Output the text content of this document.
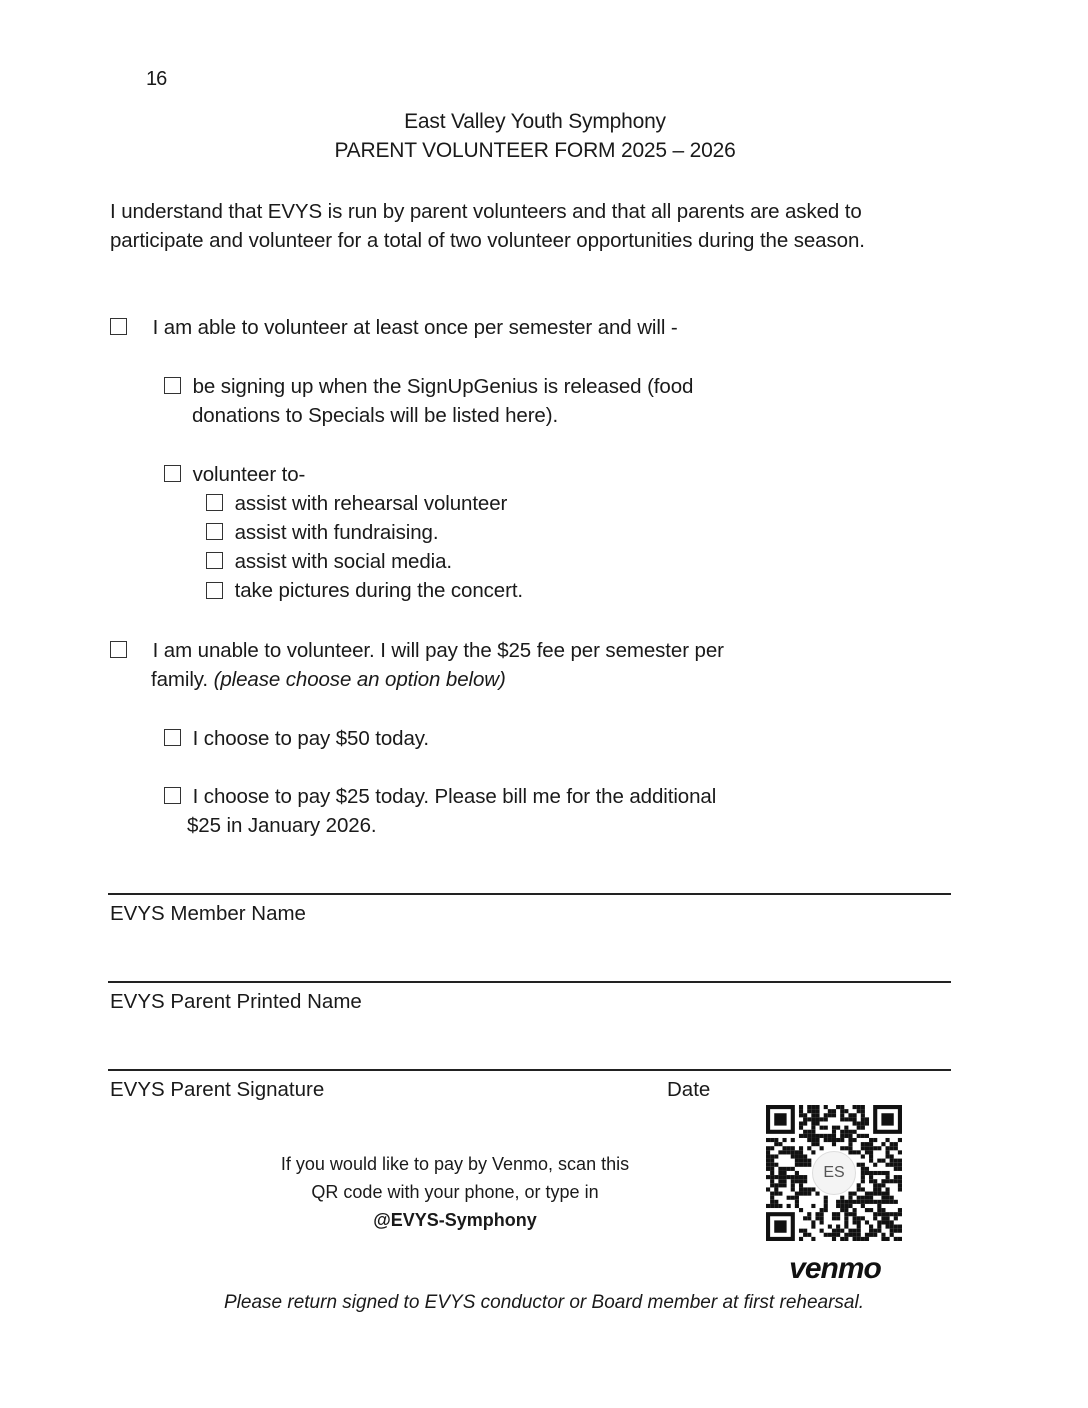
16
East Valley Youth Symphony
PARENT VOLUNTEER FORM 2025 – 2026
I understand that EVYS is run by parent volunteers and that all parents are asked to participate and volunteer for a total of two volunteer opportunities during the season.
I am able to volunteer at least once per semester and will -
be signing up when the SignUpGenius is released (food
donations to Specials will be listed here).
volunteer to-
assist with rehearsal volunteer
assist with fundraising.
assist with social media.
take pictures during the concert.
I am unable to volunteer. I will pay the $25 fee per semester per
family. (please choose an option below)
I choose to pay $50 today.
I choose to pay $25 today. Please bill me for the additional
$25 in January 2026.
EVYS Member Name
EVYS Parent Printed Name
EVYS Parent Signature	Date
If you would like to pay by Venmo, scan this
QR code with your phone, or type in
@EVYS-Symphony
ES
venmo
Please return signed to EVYS conductor or Board member at first rehearsal.
